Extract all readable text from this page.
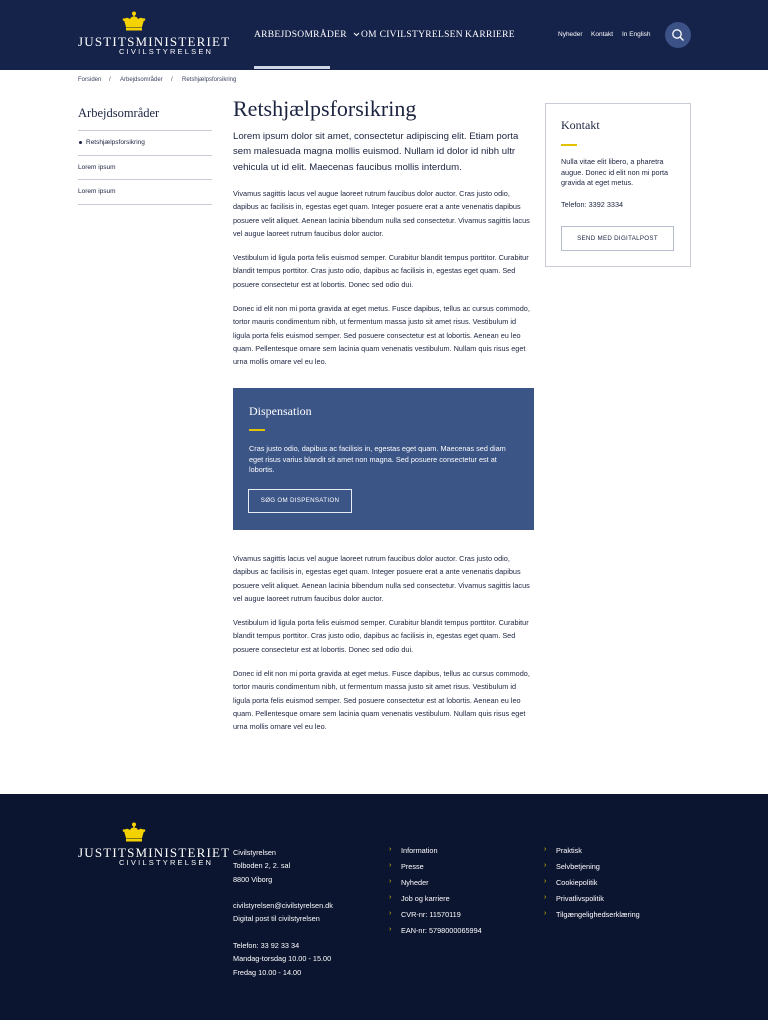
JUSTITSMINISTERIET
CIVILSTYRELSEN
ARBEJDSOMRÅDER	OM CIVILSTYRELSEN KARRIERE	Nyheder Kontakt In English
Forsiden / Arbejdsområder / Retshjælpsforsikring
Arbejdsområder
Retshjælpsforsikring
Lorem ipsum
Lorem ipsum
Retshjælpsforsikring
Lorem ipsum dolor sit amet, consectetur adipiscing elit. Etiam porta sem malesuada magna mollis euismod. Nullam id dolor id nibh ultr vehicula ut id elit. Maecenas faucibus mollis interdum.
Vivamus sagittis lacus vel augue laoreet rutrum faucibus dolor auctor. Cras justo odio, dapibus ac facilisis in, egestas eget quam. Integer posuere erat a ante venenatis dapibus posuere velit aliquet. Aenean lacinia bibendum nulla sed consectetur. Vivamus sagittis lacus vel augue laoreet rutrum faucibus dolor auctor.
Vestibulum id ligula porta felis euismod semper. Curabitur blandit tempus porttitor. Curabitur blandit tempus porttitor. Cras justo odio, dapibus ac facilisis in, egestas eget quam. Sed posuere consectetur est at lobortis. Donec sed odio dui.
Donec id elit non mi porta gravida at eget metus. Fusce dapibus, tellus ac cursus commodo, tortor mauris condimentum nibh, ut fermentum massa justo sit amet risus. Vestibulum id ligula porta felis euismod semper. Sed posuere consectetur est at lobortis. Aenean eu leo quam. Pellentesque ornare sem lacinia quam venenatis vestibulum. Nullam quis risus eget urna mollis ornare vel eu leo.
Dispensation
Cras justo odio, dapibus ac facilisis in, egestas eget quam. Maecenas sed diam eget risus varius blandit sit amet non magna. Sed posuere consectetur est at lobortis.
SØG OM DISPENSATION
Vivamus sagittis lacus vel augue laoreet rutrum faucibus dolor auctor. Cras justo odio, dapibus ac facilisis in, egestas eget quam. Integer posuere erat a ante venenatis dapibus posuere velit aliquet. Aenean lacinia bibendum nulla sed consectetur. Vivamus sagittis lacus vel augue laoreet rutrum faucibus dolor auctor.
Vestibulum id ligula porta felis euismod semper. Curabitur blandit tempus porttitor. Curabitur blandit tempus porttitor. Cras justo odio, dapibus ac facilisis in, egestas eget quam. Sed posuere consectetur est at lobortis. Donec sed odio dui.
Donec id elit non mi porta gravida at eget metus. Fusce dapibus, tellus ac cursus commodo, tortor mauris condimentum nibh, ut fermentum massa justo sit amet risus. Vestibulum id ligula porta felis euismod semper. Sed posuere consectetur est at lobortis. Aenean eu leo quam. Pellentesque ornare sem lacinia quam venenatis vestibulum. Nullam quis risus eget urna mollis ornare vel eu leo.
Kontakt
Nulla vitae elit libero, a pharetra augue. Donec id elit non mi porta gravida at eget metus.
Telefon: 3392 3334
SEND MED DIGITALPOST
JUSTITSMINISTERIET
CIVILSTYRELSEN
Civilstyrelsen
Tolboden 2, 2. sal
8800 Viborg
civilstyrelsen@civilstyrelsen.dk
Digital post til civilstyrelsen
Telefon: 33 92 33 34
Mandag-torsdag 10.00 - 15.00
Fredag 10.00 - 14.00
› Information
› Presse
› Nyheder
› Job og karriere
› CVR-nr: 11570119
› EAN-nr: 5798000065994
› Praktisk
› Selvbetjening
› Cookiepolitik
› Privatlivspolitik
› Tilgængelighedserklæring
